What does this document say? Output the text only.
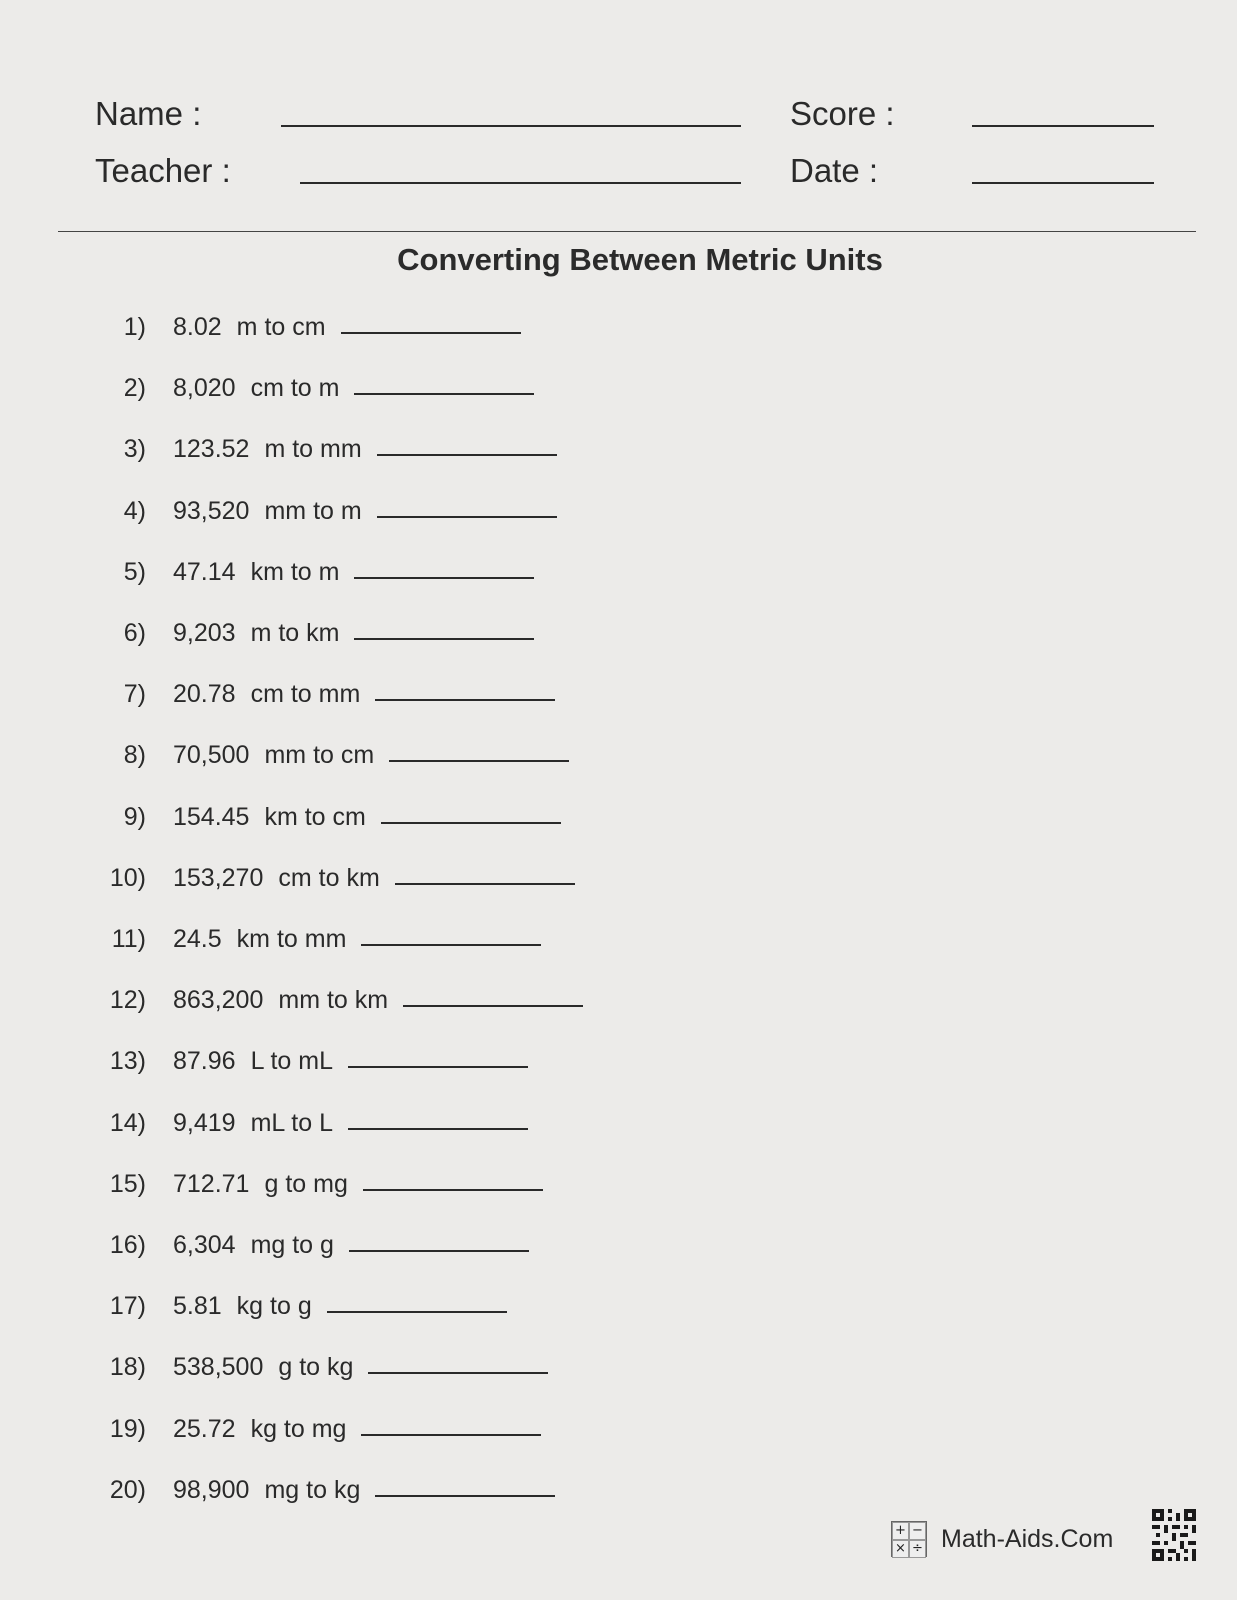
Name :
Teacher :
Score :
Date :
Converting Between Metric Units
1) 8.02 m to cm
2) 8,020 cm to m
3) 123.52 m to mm
4) 93,520 mm to m
5) 47.14 km to m
6) 9,203 m to km
7) 20.78 cm to mm
8) 70,500 mm to cm
9) 154.45 km to cm
10) 153,270 cm to km
11) 24.5 km to mm
12) 863,200 mm to km
13) 87.96 L to mL
14) 9,419 mL to L
15) 712.71 g to mg
16) 6,304 mg to g
17) 5.81 kg to g
18) 538,500 g to kg
19) 25.72 kg to mg
20) 98,900 mg to kg
+ −
× ÷ Math-Aids.Com
